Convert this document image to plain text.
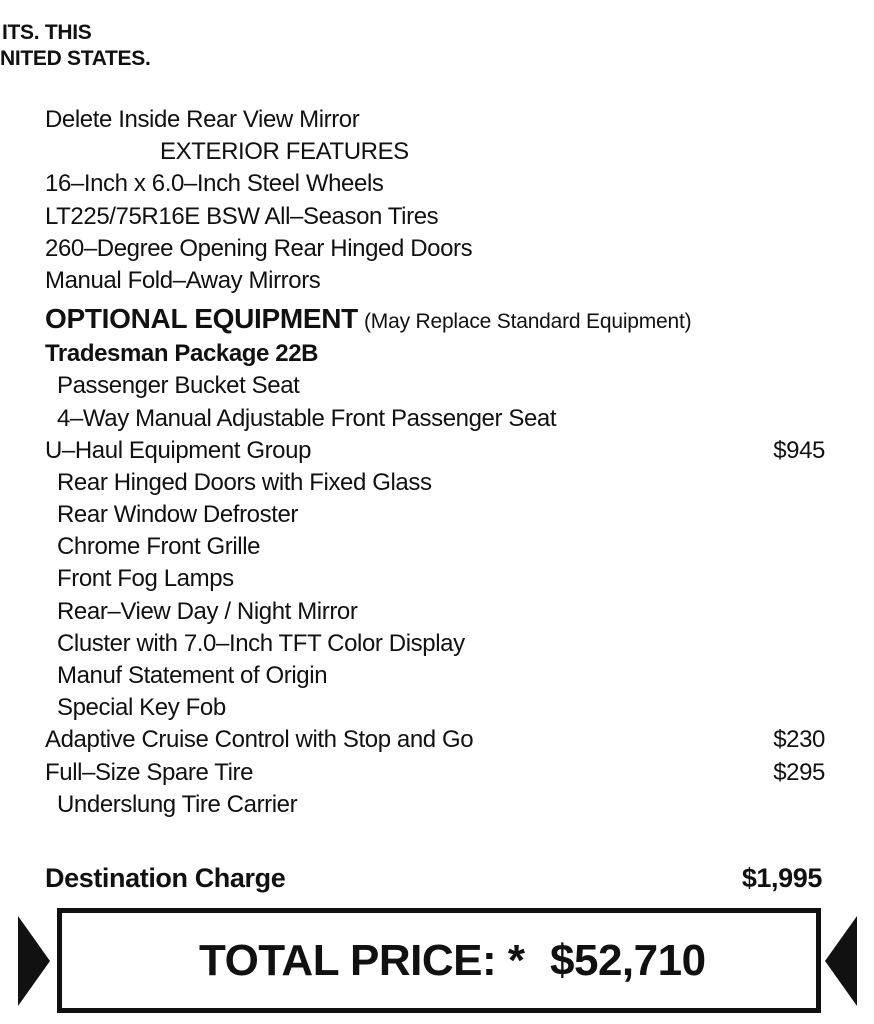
ITS. THIS
NITED STATES.
Delete Inside Rear View Mirror
EXTERIOR FEATURES
16–Inch x 6.0–Inch Steel Wheels
LT225/75R16E BSW All–Season Tires
260–Degree Opening Rear Hinged Doors
Manual Fold–Away Mirrors
OPTIONAL EQUIPMENT (May Replace Standard Equipment)
Tradesman Package 22B
Passenger Bucket Seat
4–Way Manual Adjustable Front Passenger Seat
U–Haul Equipment Group	$945
Rear Hinged Doors with Fixed Glass
Rear Window Defroster
Chrome Front Grille
Front Fog Lamps
Rear–View Day / Night Mirror
Cluster with 7.0–Inch TFT Color Display
Manuf Statement of Origin
Special Key Fob
Adaptive Cruise Control with Stop and Go	$230
Full–Size Spare Tire	$295
Underslung Tire Carrier
Destination Charge	$1,995
TOTAL PRICE: * $52,710
